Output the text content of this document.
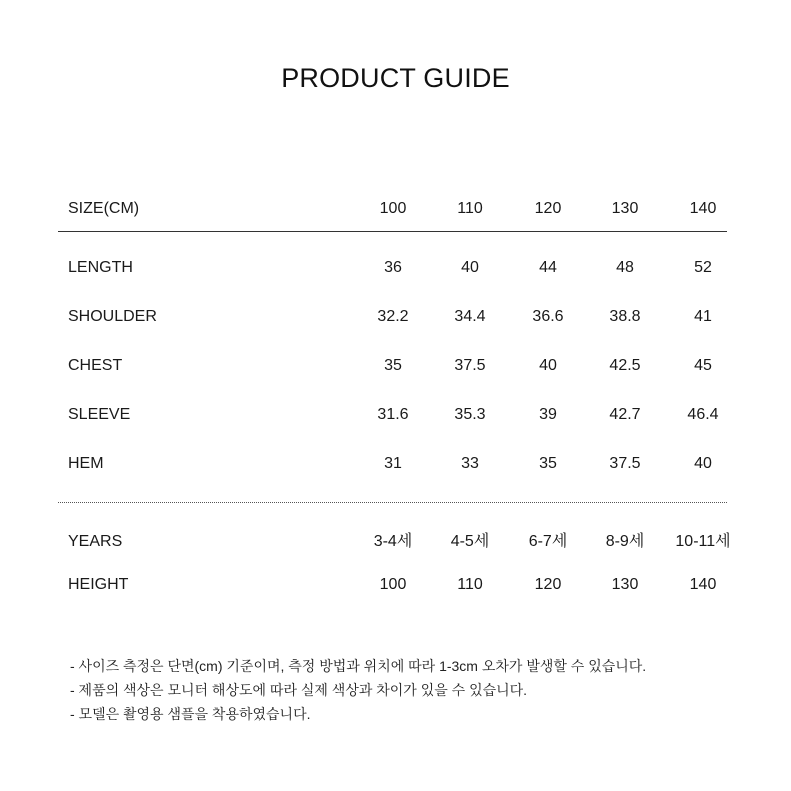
PRODUCT GUIDE
SIZE(CM)	100	110	120	130	140
LENGTH	36	40	44	48	52
SHOULDER	32.2	34.4	36.6	38.8	41
CHEST	35	37.5	40	42.5	45
SLEEVE	31.6	35.3	39	42.7	46.4
HEM	31	33	35	37.5	40
YEARS	3-4세	4-5세	6-7세	8-9세	10-11세
HEIGHT	100	110	120	130	140
- 사이즈 측정은 단면(cm) 기준이며, 측정 방법과 위치에 따라 1-3cm 오차가 발생할 수 있습니다.
- 제품의 색상은 모니터 해상도에 따라 실제 색상과 차이가 있을 수 있습니다.
- 모델은 촬영용 샘플을 착용하였습니다.
